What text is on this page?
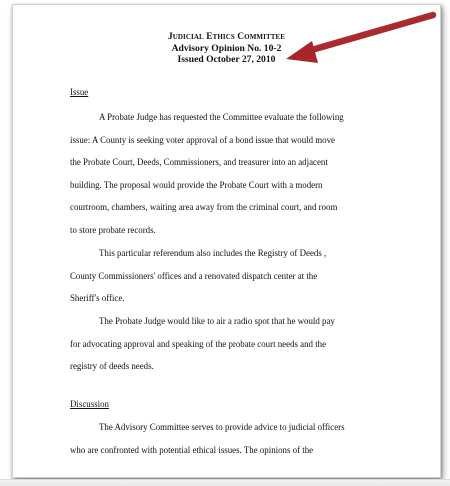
Judicial Ethics Committee
Advisory Opinion No. 10-2
Issued October 27, 2010
Issue
A Probate Judge has requested the Committee evaluate the following
issue: A County is seeking voter approval of a bond issue that would move
the Probate Court, Deeds, Commissioners, and treasurer into an adjacent
building. The proposal would provide the Probate Court with a modern
courtroom, chambers, waiting area away from the criminal court, and room
to store probate records.
This particular referendum also includes the Registry of Deeds ,
County Commissioners' offices and a renovated dispatch center at the
Sheriff's office.
The Probate Judge would like to air a radio spot that he would pay
for advocating approval and speaking of the probate court needs and the
registry of deeds needs.
Discussion
The Advisory Committee serves to provide advice to judicial officers
who are confronted with potential ethical issues. The opinions of the
